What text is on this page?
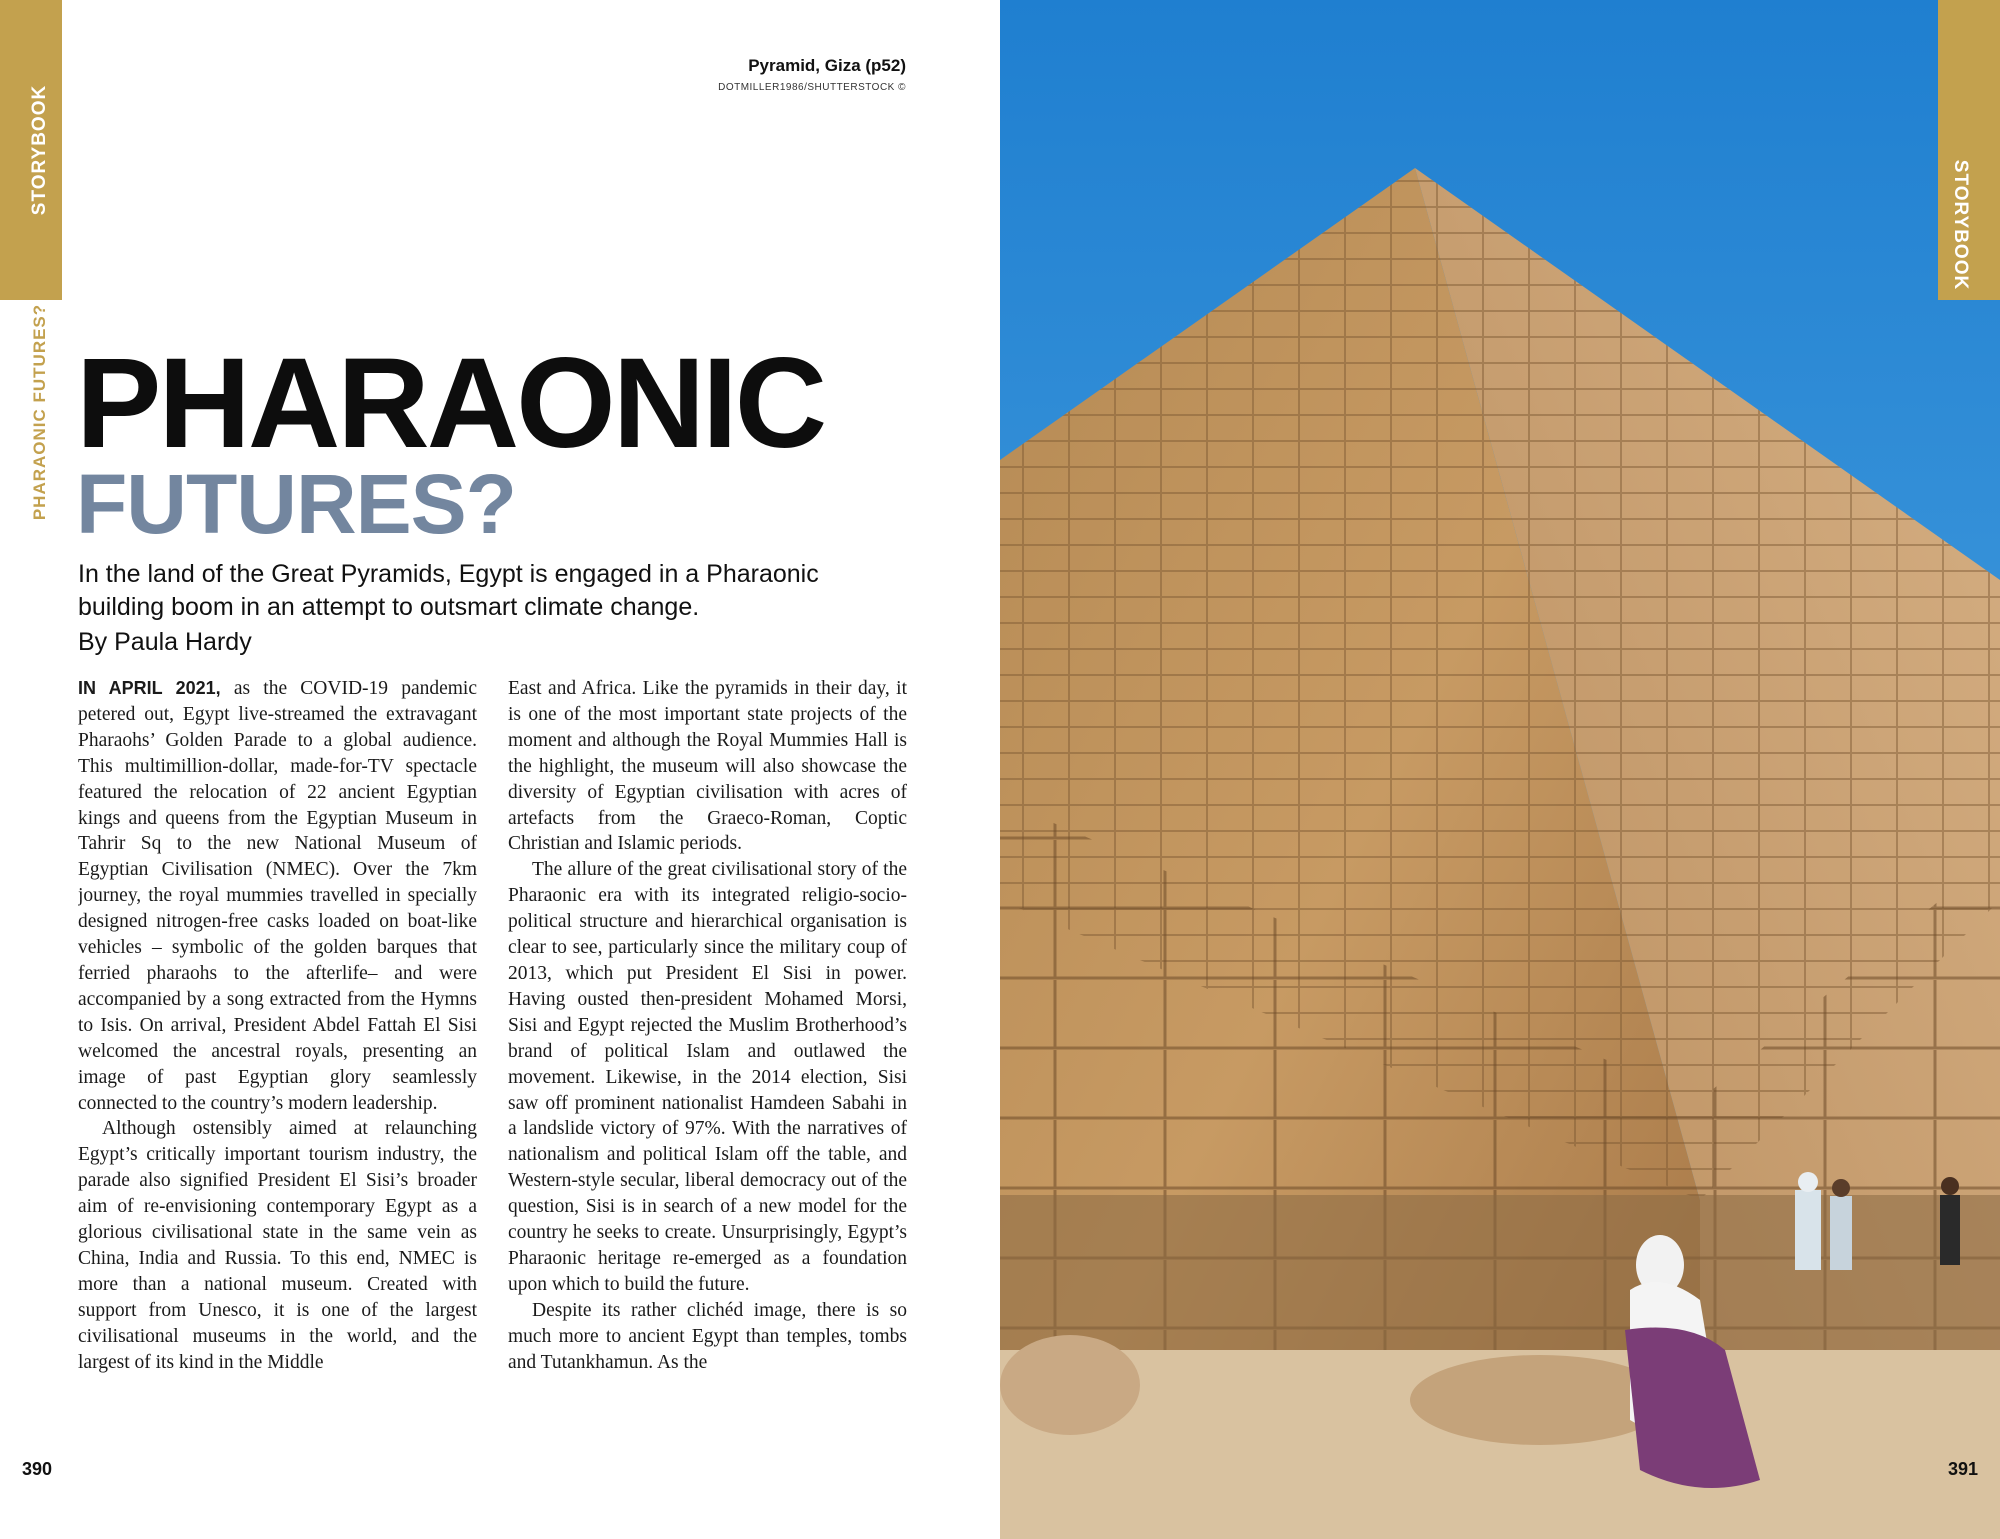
STORYBOOK
PHARAONIC FUTURES?
Pyramid, Giza (p52)
DOTMILLER1986/SHUTTERSTOCK ©
PHARAONIC
FUTURES?
In the land of the Great Pyramids, Egypt is engaged in a Pharaonic building boom in an attempt to outsmart climate change.
By Paula Hardy

IN APRIL 2021, as the COVID-19 pandemic petered out, Egypt live-streamed the extravagant Pharaohs’ Golden Parade to a global audience. This multimillion-dollar, made-for-TV spectacle featured the relocation of 22 ancient Egyptian kings and queens from the Egyptian Museum in Tahrir Sq to the new National Museum of Egyptian Civilisation (NMEC). Over the 7km journey, the royal mummies travelled in specially designed nitrogen-free casks loaded on boat-like vehicles – symbolic of the golden barques that ferried pharaohs to the afterlife– and were accompanied by a song extracted from the Hymns to Isis. On arrival, President Abdel Fattah El Sisi welcomed the ancestral royals, presenting an image of past Egyptian glory seamlessly connected to the country’s modern leadership.

Although ostensibly aimed at relaunching Egypt’s critically important tourism industry, the parade also signified President El Sisi’s broader aim of re-envisioning contemporary Egypt as a glorious civilisational state in the same vein as China, India and Russia. To this end, NMEC is more than a national museum. Created with support from Unesco, it is one of the largest civilisational museums in the world, and the largest of its kind in the Middle

East and Africa. Like the pyramids in their day, it is one of the most important state projects of the moment and although the Royal Mummies Hall is the highlight, the museum will also showcase the diversity of Egyptian civilisation with acres of artefacts from the Graeco-Roman, Coptic Christian and Islamic periods.

The allure of the great civilisational story of the Pharaonic era with its integrated religio-socio-political structure and hierarchical organisation is clear to see, particularly since the military coup of 2013, which put President El Sisi in power. Having ousted then-president Mohamed Morsi, Sisi and Egypt rejected the Muslim Brotherhood’s brand of political Islam and outlawed the movement. Likewise, in the 2014 election, Sisi saw off prominent nationalist Hamdeen Sabahi in a landslide victory of 97%. With the narratives of nationalism and political Islam off the table, and Western-style secular, liberal democracy out of the question, Sisi is in search of a new model for the country he seeks to create. Unsurprisingly, Egypt’s Pharaonic heritage re-emerged as a foundation upon which to build the future.

Despite its rather clichéd image, there is so much more to ancient Egypt than temples, tombs and Tutankhamun. As the

390
STORYBOOK
391
